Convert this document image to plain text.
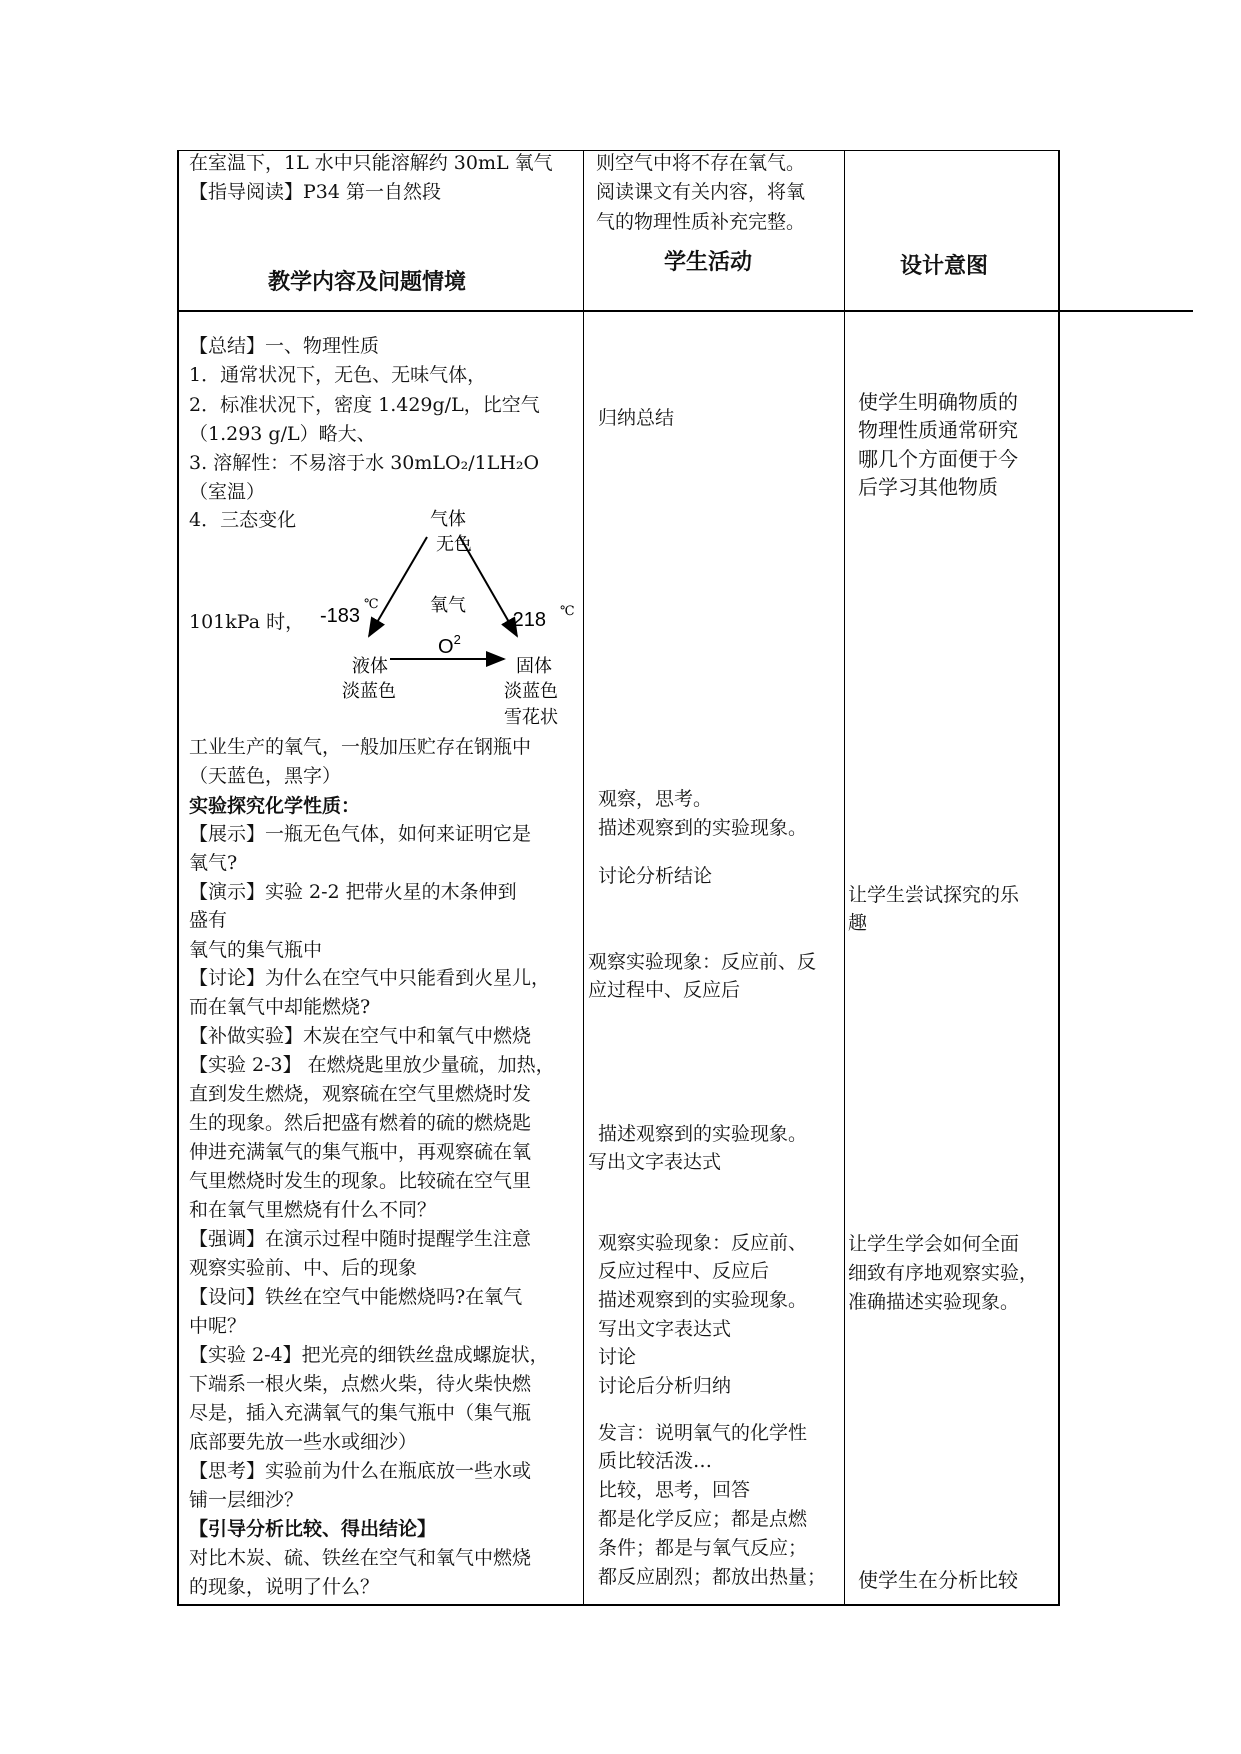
在室温下，1L 水中只能溶解约 30mL 氧气
【指导阅读】P34 第一自然段
则空气中将不存在氧气。
阅读课文有关内容，将氧
气的物理性质补充完整。
教学内容及问题情境
学生活动	设计意图
【总结】一、物理性质
1．通常状况下，无色、无味气体，
2．标准状况下，密度 1.429g/L，比空气
（1.293 g/L）略大、
3. 溶解性：不易溶于水 30mLO₂/1LH₂O
（室温）
4．三态变化
101kPa 时，
气体
无色
氧气
$O^2$
-183
℃
-218 ℃
液体
淡蓝色
固体
淡蓝色
雪花状
工业生产的氧气，一般加压贮存在钢瓶中
（天蓝色，黑字）
实验探究化学性质：
【展示】一瓶无色气体，如何来证明它是
氧气?
【演示】实验 2-2 把带火星的木条伸到
盛有
氧气的集气瓶中
【讨论】为什么在空气中只能看到火星儿，
而在氧气中却能燃烧?
【补做实验】木炭在空气中和氧气中燃烧
【实验 2-3】 在燃烧匙里放少量硫，加热，
直到发生燃烧，观察硫在空气里燃烧时发
生的现象。然后把盛有燃着的硫的燃烧匙
伸进充满氧气的集气瓶中，再观察硫在氧
气里燃烧时发生的现象。比较硫在空气里
和在氧气里燃烧有什么不同？
【强调】在演示过程中随时提醒学生注意
观察实验前、中、后的现象
【设问】铁丝在空气中能燃烧吗?在氧气
中呢？
【实验 2-4】把光亮的细铁丝盘成螺旋状，
下端系一根火柴，点燃火柴，待火柴快燃
尽是，插入充满氧气的集气瓶中（集气瓶
底部要先放一些水或细沙）
【思考】实验前为什么在瓶底放一些水或
铺一层细沙？
【引导分析比较、得出结论】
对比木炭、硫、铁丝在空气和氧气中燃烧
的现象，说明了什么？
归纳总结
观察，思考。
描述观察到的实验现象。
讨论分析结论
观察实验现象：反应前、反
应过程中、反应后
描述观察到的实验现象。
写出文字表达式
观察实验现象：反应前、
反应过程中、反应后
描述观察到的实验现象。
写出文字表达式
讨论
讨论后分析归纳
发言：说明氧气的化学性
质比较活泼…
比较，思考，回答
都是化学反应；都是点燃
条件；都是与氧气反应；
都反应剧烈；都放出热量；
使学生明确物质的
物理性质通常研究
哪几个方面便于今
后学习其他物质
让学生尝试探究的乐
趣
让学生学会如何全面
细致有序地观察实验，
准确描述实验现象。
使学生在分析比较
